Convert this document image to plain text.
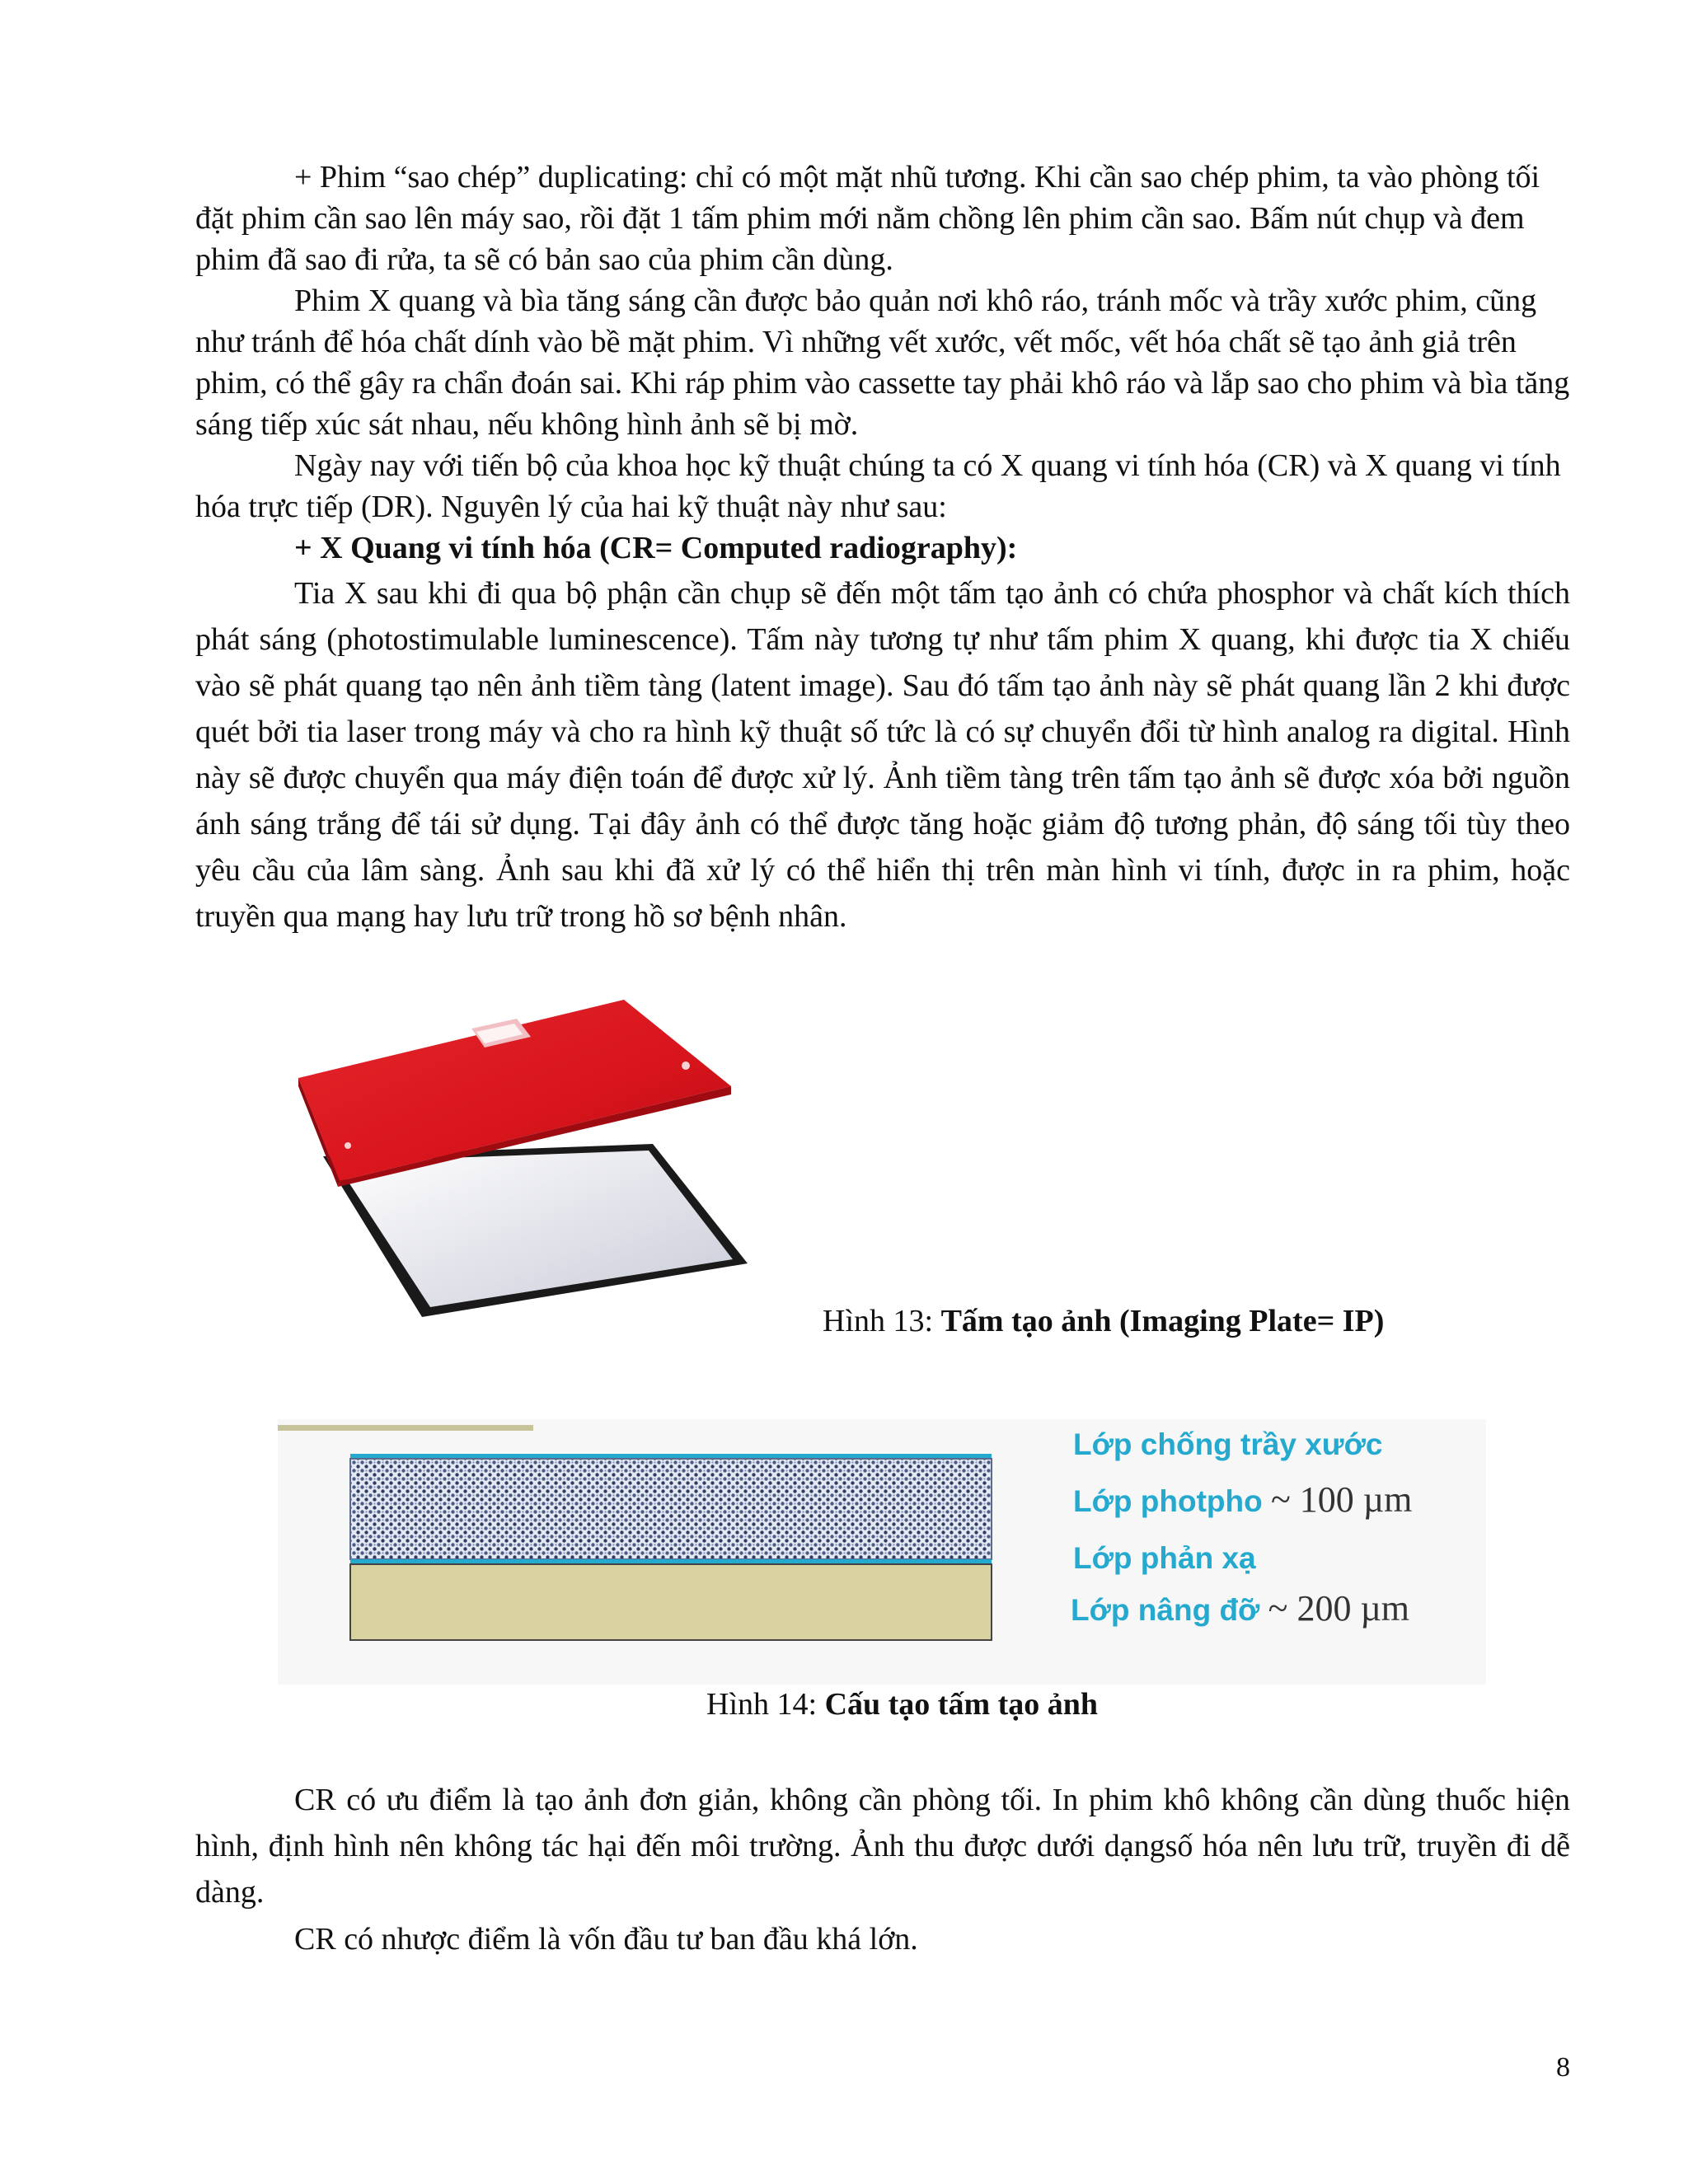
+ Phim “sao chép” duplicating: chỉ có một mặt nhũ tương. Khi cần sao chép phim, ta vào phòng tối đặt phim cần sao lên máy sao, rồi đặt 1 tấm phim mới nằm chồng lên phim cần sao. Bấm nút chụp và đem phim đã sao đi rửa, ta sẽ có bản sao của phim cần dùng.

Phim X quang và bìa tăng sáng cần được bảo quản nơi khô ráo, tránh mốc và trầy xước phim, cũng như tránh để hóa chất dính vào bề mặt phim. Vì những vết xước, vết mốc, vết hóa chất sẽ tạo ảnh giả trên phim, có thể gây ra chẩn đoán sai. Khi ráp phim vào cassette tay phải khô ráo và lắp sao cho phim và bìa tăng sáng tiếp xúc sát nhau, nếu không hình ảnh sẽ bị mờ.

Ngày nay với tiến bộ của khoa học kỹ thuật chúng ta có X quang vi tính hóa (CR) và X quang vi tính hóa trực tiếp (DR). Nguyên lý của hai kỹ thuật này như sau:

+ X Quang vi tính hóa (CR= Computed radiography):

Tia X sau khi đi qua bộ phận cần chụp sẽ đến một tấm tạo ảnh có chứa phosphor và chất kích thích phát sáng (photostimulable luminescence). Tấm này tương tự như tấm phim X quang, khi được tia X chiếu vào sẽ phát quang tạo nên ảnh tiềm tàng (latent image). Sau đó tấm tạo ảnh này sẽ phát quang lần 2 khi được quét bởi tia laser trong máy và cho ra hình kỹ thuật số tức là có sự chuyển đổi từ hình analog ra digital. Hình này sẽ được chuyển qua máy điện toán để được xử lý. Ảnh tiềm tàng trên tấm tạo ảnh sẽ được xóa bởi nguồn ánh sáng trắng để tái sử dụng. Tại đây ảnh có thể được tăng hoặc giảm độ tương phản, độ sáng tối tùy theo yêu cầu của lâm sàng. Ảnh sau khi đã xử lý có thể hiển thị trên màn hình vi tính, được in ra phim, hoặc truyền qua mạng hay lưu trữ trong hồ sơ bệnh nhân.

Hình 13: Tấm tạo ảnh (Imaging Plate= IP)
Lớp chống trầy xước
Lớp photpho ~ 100 µm
Lớp phản xạ
Lớp nâng đỡ ~ 200 µm
Hình 14: Cấu tạo tấm tạo ảnh

CR có ưu điểm là tạo ảnh đơn giản, không cần phòng tối. In phim khô không cần dùng thuốc hiện hình, định hình nên không tác hại đến môi trường. Ảnh thu được dưới dạngsố hóa nên lưu trữ, truyền đi dễ dàng.

CR có nhược điểm là vốn đầu tư ban đầu khá lớn.

8
